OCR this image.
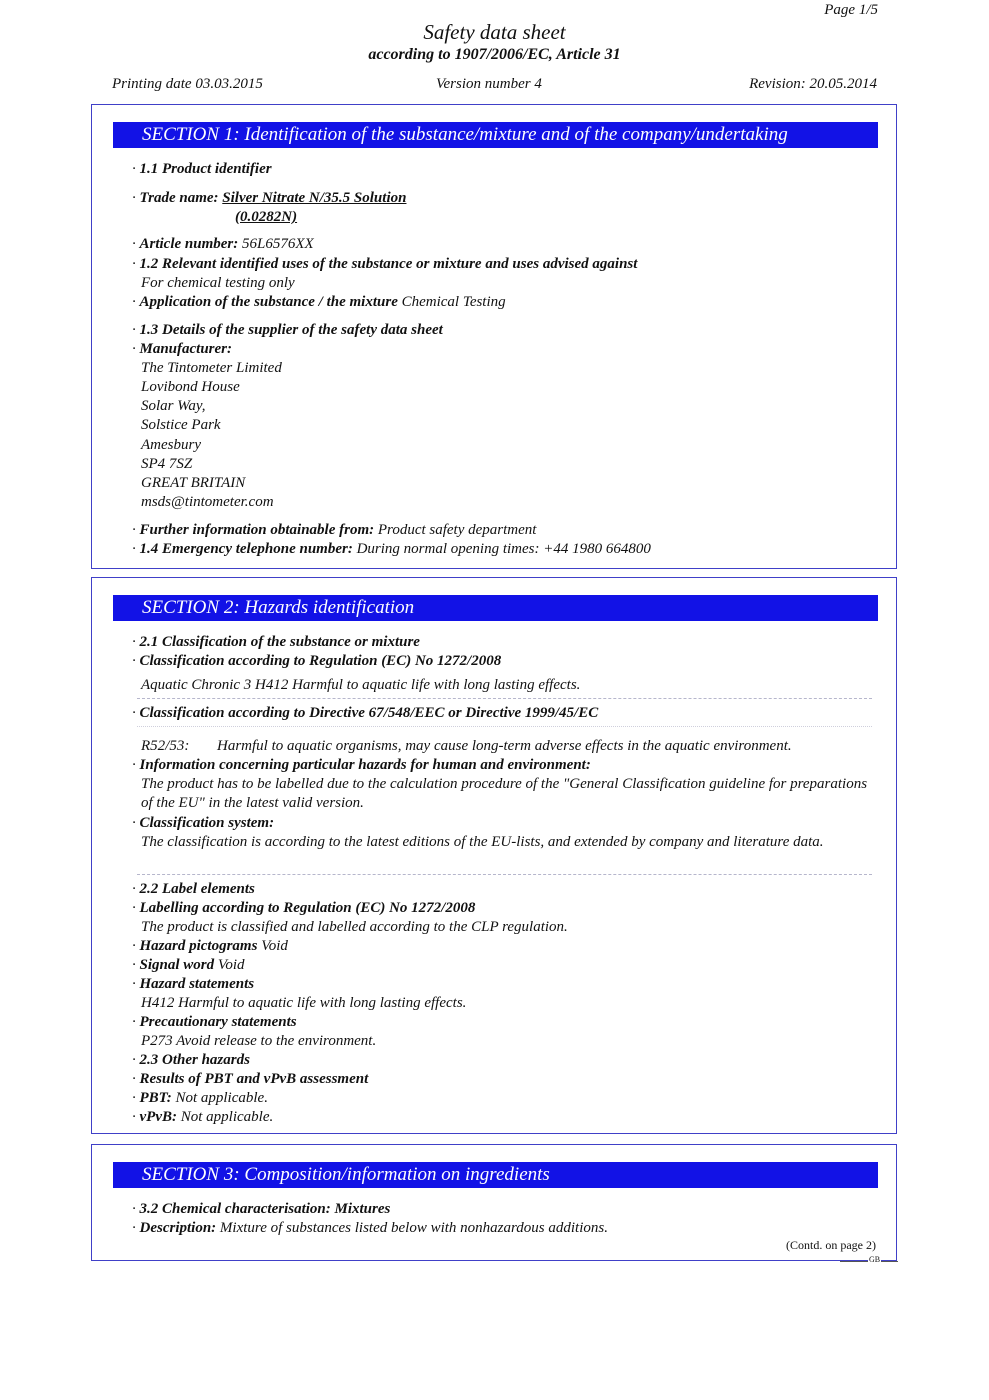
Page 1/5
Safety data sheet
according to 1907/2006/EC, Article 31
Printing date 03.03.2015	Version number 4	Revision: 20.05.2014
SECTION 1: Identification of the substance/mixture and of the company/undertaking
· 1.1 Product identifier
· Trade name: Silver Nitrate N/35.5 Solution
(0.0282N)
· Article number: 56L6576XX
· 1.2 Relevant identified uses of the substance or mixture and uses advised against
For chemical testing only
· Application of the substance / the mixture Chemical Testing
· 1.3 Details of the supplier of the safety data sheet
· Manufacturer:
The Tintometer Limited
Lovibond House
Solar Way,
Solstice Park
Amesbury
SP4 7SZ
GREAT BRITAIN
msds@tintometer.com
· Further information obtainable from: Product safety department
· 1.4 Emergency telephone number: During normal opening times: +44 1980 664800
SECTION 2: Hazards identification
· 2.1 Classification of the substance or mixture
· Classification according to Regulation (EC) No 1272/2008
Aquatic Chronic 3 H412 Harmful to aquatic life with long lasting effects.
· Classification according to Directive 67/548/EEC or Directive 1999/45/EC
R52/53: Harmful to aquatic organisms, may cause long-term adverse effects in the aquatic environment.
· Information concerning particular hazards for human and environment:
The product has to be labelled due to the calculation procedure of the "General Classification guideline for preparations of the EU" in the latest valid version.
· Classification system:
The classification is according to the latest editions of the EU-lists, and extended by company and literature data.
· 2.2 Label elements
· Labelling according to Regulation (EC) No 1272/2008
The product is classified and labelled according to the CLP regulation.
· Hazard pictograms Void
· Signal word Void
· Hazard statements
H412 Harmful to aquatic life with long lasting effects.
· Precautionary statements
P273 Avoid release to the environment.
· 2.3 Other hazards
· Results of PBT and vPvB assessment
· PBT: Not applicable.
· vPvB: Not applicable.
SECTION 3: Composition/information on ingredients
· 3.2 Chemical characterisation: Mixtures
· Description: Mixture of substances listed below with nonhazardous additions.
(Contd. on page 2)
GB
